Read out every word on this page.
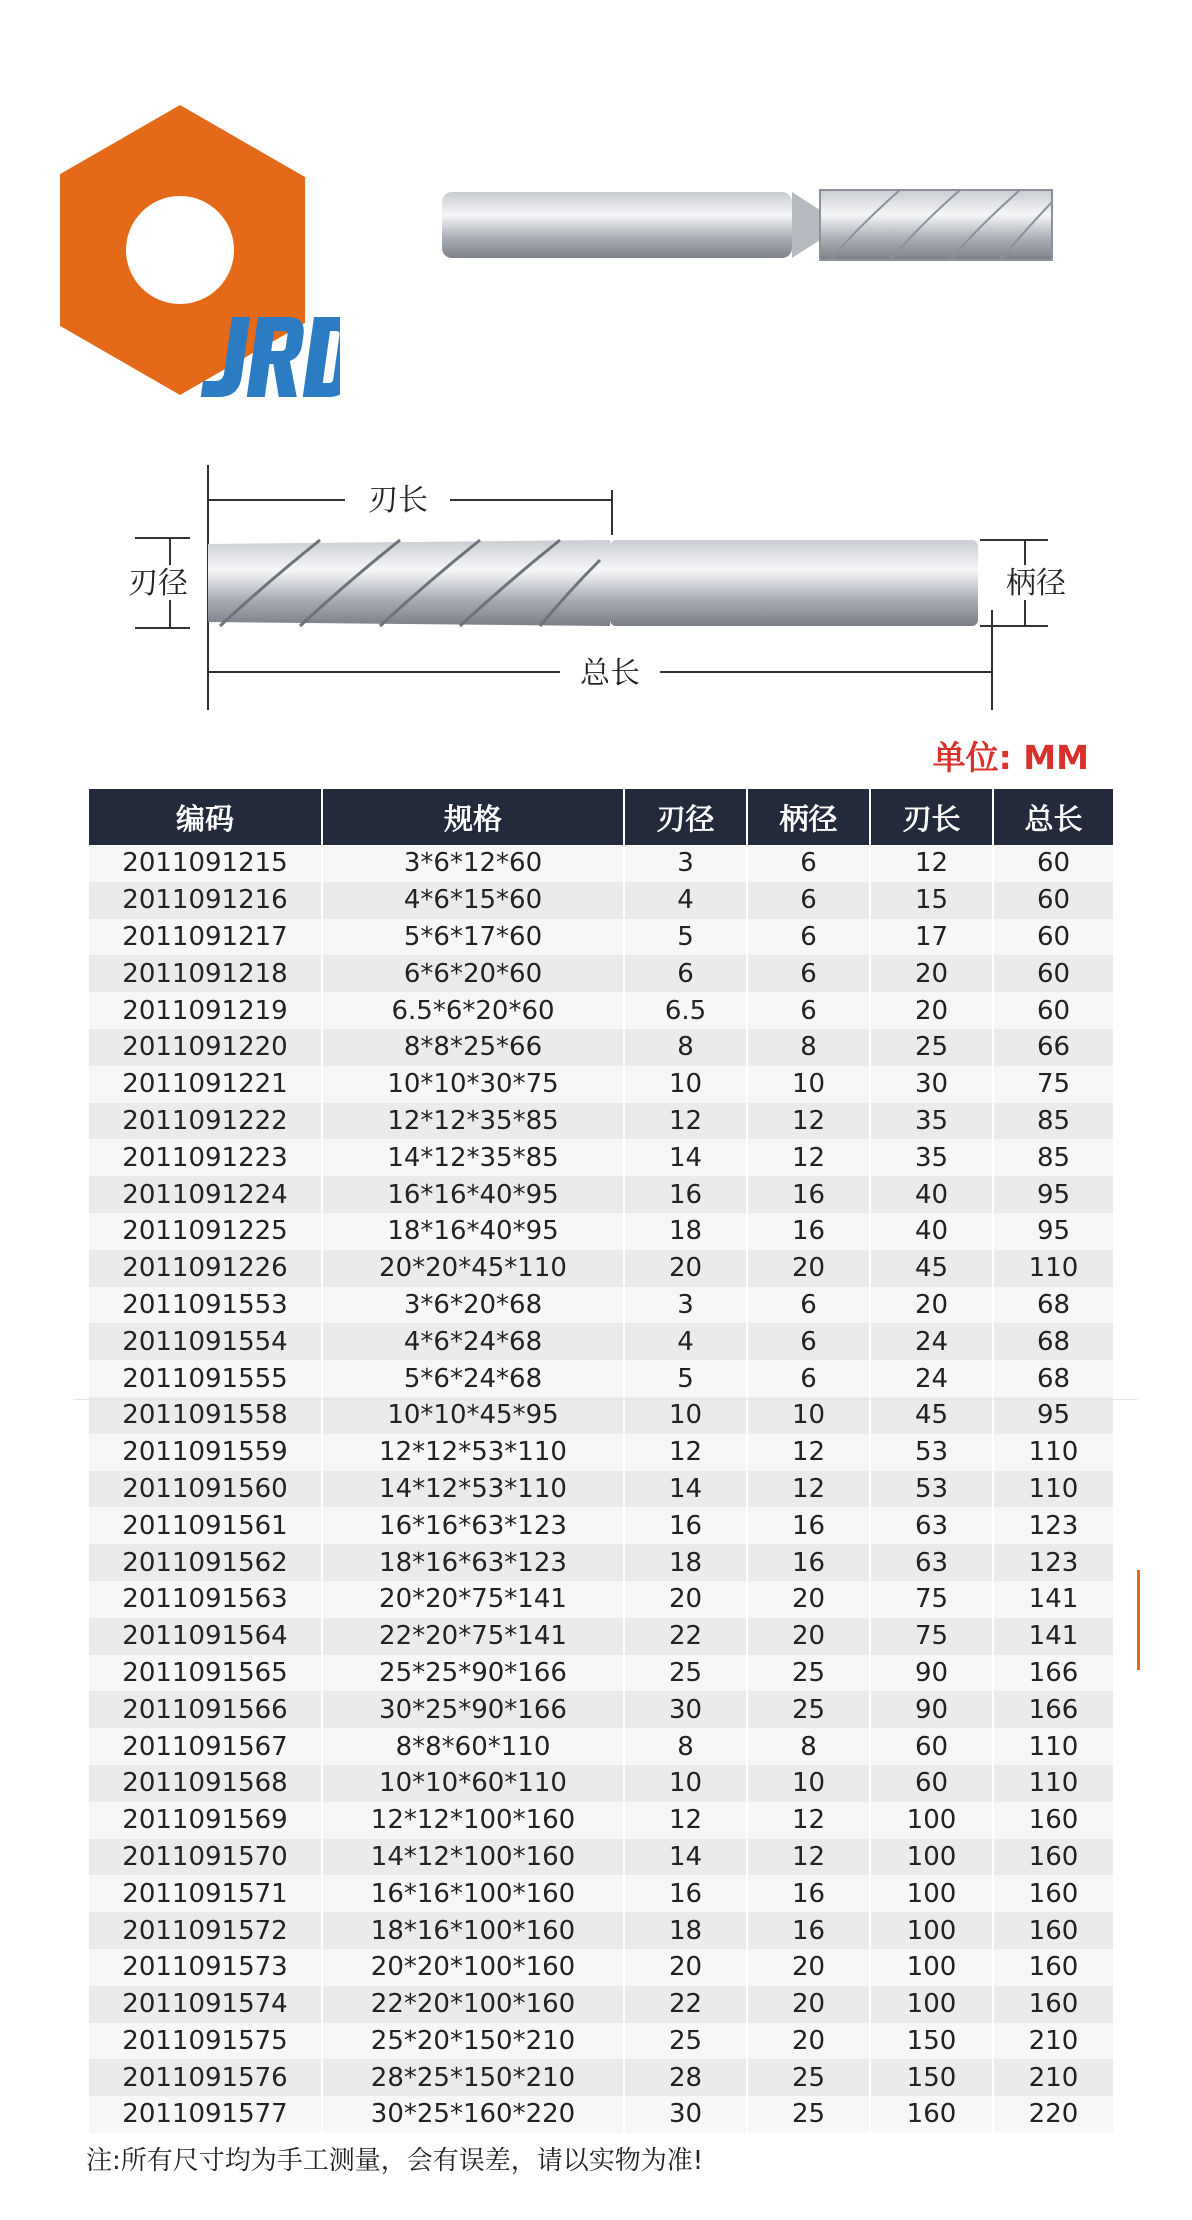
刃长
刃径	柄径
总长
单位: MM
编码	规格	刃径	柄径	刃长	总长
2011091215	3*6*12*60	3	6	12	60
2011091216	4*6*15*60	4	6	15	60
2011091217	5*6*17*60	5	6	17	60
2011091218	6*6*20*60	6	6	20	60
2011091219	6.5*6*20*60	6.5	6	20	60
2011091220	8*8*25*66	8	8	25	66
2011091221	10*10*30*75	10	10	30	75
2011091222	12*12*35*85	12	12	35	85
2011091223	14*12*35*85	14	12	35	85
2011091224	16*16*40*95	16	16	40	95
2011091225	18*16*40*95	18	16	40	95
2011091226	20*20*45*110	20	20	45	110
2011091553	3*6*20*68	3	6	20	68
2011091554	4*6*24*68	4	6	24	68
2011091555	5*6*24*68	5	6	24	68
2011091558	10*10*45*95	10	10	45	95
2011091559	12*12*53*110	12	12	53	110
2011091560	14*12*53*110	14	12	53	110
2011091561	16*16*63*123	16	16	63	123
2011091562	18*16*63*123	18	16	63	123
2011091563	20*20*75*141	20	20	75	141
2011091564	22*20*75*141	22	20	75	141
2011091565	25*25*90*166	25	25	90	166
2011091566	30*25*90*166	30	25	90	166
2011091567	8*8*60*110	8	8	60	110
2011091568	10*10*60*110	10	10	60	110
2011091569	12*12*100*160	12	12	100	160
2011091570	14*12*100*160	14	12	100	160
2011091571	16*16*100*160	16	16	100	160
2011091572	18*16*100*160	18	16	100	160
2011091573	20*20*100*160	20	20	100	160
2011091574	22*20*100*160	22	20	100	160
2011091575	25*20*150*210	25	20	150	210
2011091576	28*25*150*210	28	25	150	210
2011091577	30*25*160*220	30	25	160	220
注:所有尺寸均为手工测量，会有误差，请以实物为准!
